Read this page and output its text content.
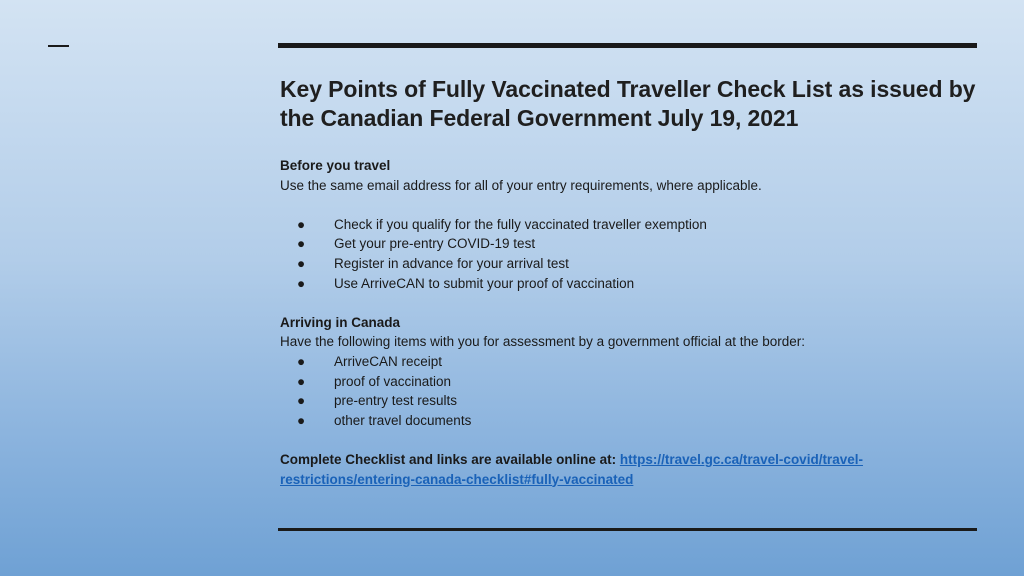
Key Points of Fully Vaccinated Traveller Check List as issued by the Canadian Federal Government July 19, 2021

Before you travel

Use the same email address for all of your entry requirements, where applicable.

●	Check if you qualify for the fully vaccinated traveller exemption
●	Get your pre-entry COVID-19 test
●	Register in advance for your arrival test
●	Use ArriveCAN to submit your proof of vaccination

Arriving in Canada

Have the following items with you for assessment by a government official at the border:

●	ArriveCAN receipt
●	proof of vaccination
●	pre-entry test results
●	other travel documents

Complete Checklist and links are available online at: https://travel.gc.ca/travel-covid/travel-restrictions/entering-canada-checklist#fully-vaccinated
